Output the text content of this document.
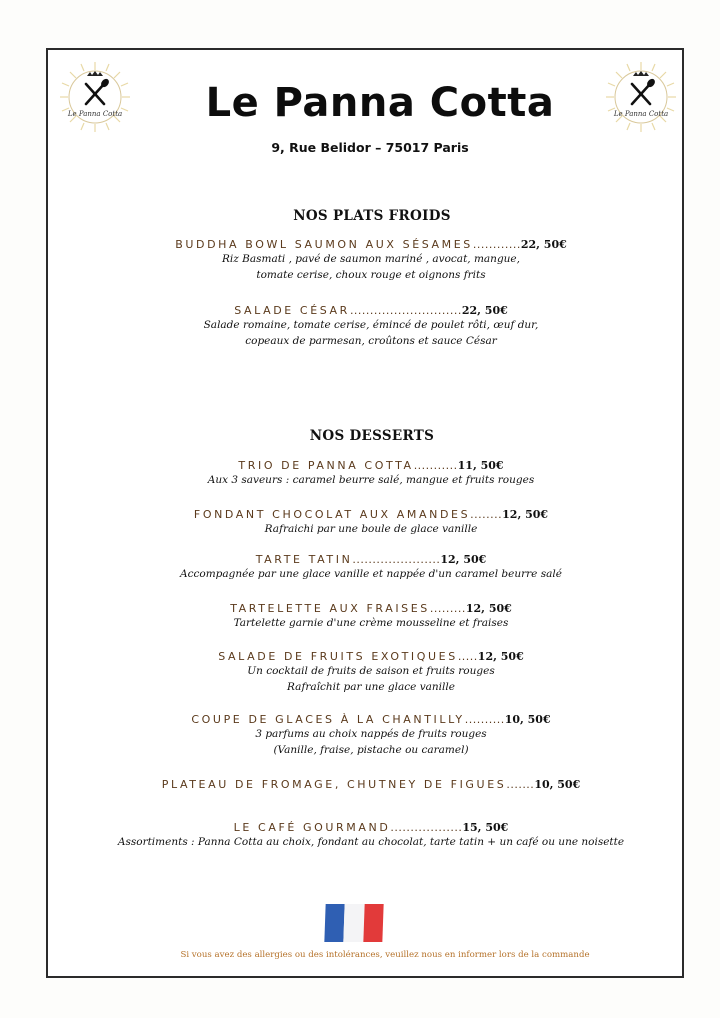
Le Panna Cotta	Le Panna Cotta
Le Panna Cotta
9, Rue Belidor – 75017 Paris
NOS PLATS FROIDS
BUDDHA BOWL SAUMON AUX SÉSAMES............22, 50€
Riz Basmati , pavé de saumon mariné , avocat, mangue,
tomate cerise, choux rouge et oignons frits
SALADE CÉSAR............................22, 50€
Salade romaine, tomate cerise, émincé de poulet rôti, œuf dur,
copeaux de parmesan, croûtons et sauce César
NOS DESSERTS
TRIO DE PANNA COTTA...........11, 50€
Aux 3 saveurs : caramel beurre salé, mangue et fruits rouges
FONDANT CHOCOLAT AUX AMANDES........12, 50€
Rafraichi par une boule de glace vanille
TARTE TATIN......................12, 50€
Accompagnée par une glace vanille et nappée d'un caramel beurre salé
TARTELETTE AUX FRAISES.........12, 50€
Tartelette garnie d'une crème mousseline et fraises
SALADE DE FRUITS EXOTIQUES.....12, 50€
Un cocktail de fruits de saison et fruits rouges
Rafraîchit par une glace vanille
COUPE DE GLACES À LA CHANTILLY..........10, 50€
3 parfums au choix nappés de fruits rouges
(Vanille, fraise, pistache ou caramel)
PLATEAU DE FROMAGE, CHUTNEY DE FIGUES.......10, 50€
LE CAFÉ GOURMAND..................15, 50€
Assortiments : Panna Cotta au choix, fondant au chocolat, tarte tatin + un café ou une noisette
Si vous avez des allergies ou des intolérances, veuillez nous en informer lors de la commande
